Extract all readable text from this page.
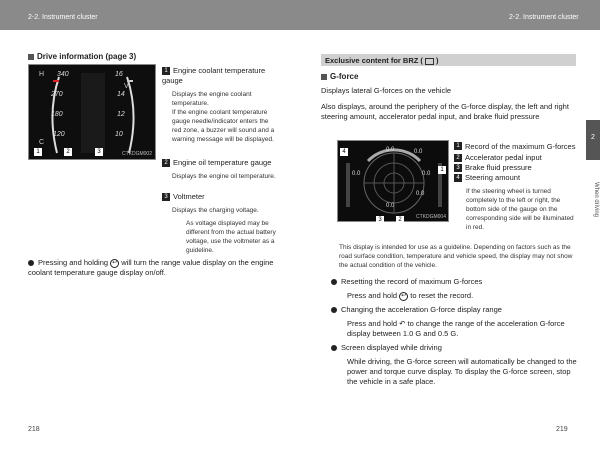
2-2. Instrument cluster	2-2. Instrument cluster
Drive information (page 3)
H
V
C
340
270
180
120
16
14
12
10
1	2	3	CTKDGM002
1 Engine coolant temperature gauge
Displays the engine coolant temperature.
If the engine coolant temperature gauge needle/indicator enters the red zone, a buzzer will sound and a warning message will be displayed.
2 Engine oil temperature gauge
Displays the engine oil temperature.
3 Voltmeter
Displays the charging voltage.
As voltage displayed may be different from the actual battery voltage, use the voltmeter as a guideline.
Pressing and holding ↩ will turn the range value display on the engine coolant temperature gauge display on/off.
Exclusive content for BRZ ( )
G-force
Displays lateral G-forces on the vehicle
Also displays, around the periphery of the G-force display, the left and right steering amount, accelerator pedal input, and brake fluid pressure
4
1
3	2
0.0	0.0
0.0
0.0
0.0
0.0
CTKDGM004
1 Record of the maximum G-forces
2 Accelerator pedal input
3 Brake fluid pressure
4 Steering amount
If the steering wheel is turned completely to the left or right, the bottom side of the gauge on the corresponding side will be illuminated in red.
This display is intended for use as a guideline. Depending on factors such as the road surface condition, temperature and vehicle speed, the display may not show the actual condition of the vehicle.
Resetting the record of maximum G-forces
Press and hold ↩ to reset the record.
Changing the acceleration G-force display range
Press and hold ↶ to change the range of the acceleration G-force display between 1.0 G and 0.5 G.
Screen displayed while driving
While driving, the G-force screen will automatically be changed to the power and torque curve display. To display the G-force screen, stop the vehicle in a safe place.
2
When driving
218	219
